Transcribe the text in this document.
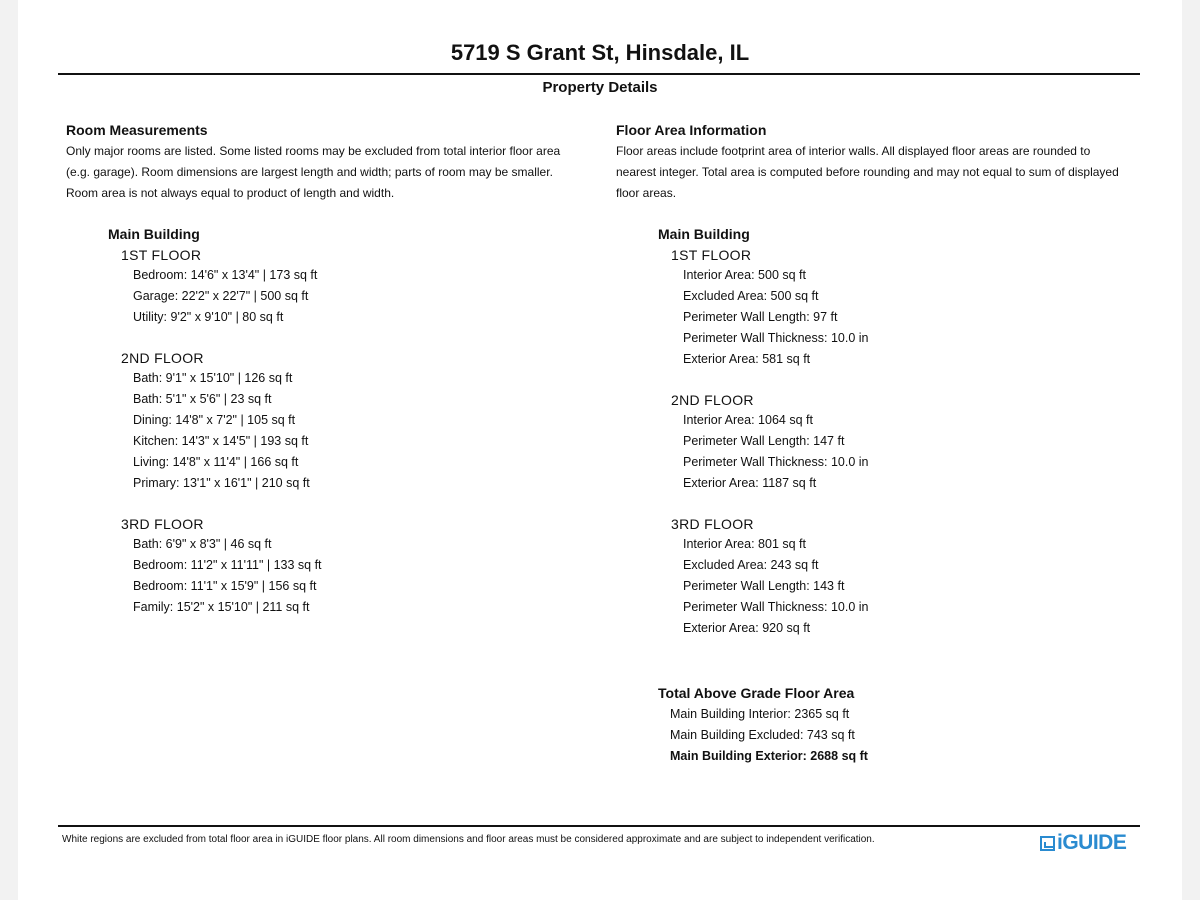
5719 S Grant St, Hinsdale, IL
Property Details
Room Measurements
Only major rooms are listed. Some listed rooms may be excluded from total interior floor area
(e.g. garage). Room dimensions are largest length and width; parts of room may be smaller.
Room area is not always equal to product of length and width.
Main Building
1ST FLOOR
Bedroom: 14'6" x 13'4" | 173 sq ft
Garage: 22'2" x 22'7" | 500 sq ft
Utility: 9'2" x 9'10" | 80 sq ft
2ND FLOOR
Bath: 9'1" x 15'10" | 126 sq ft
Bath: 5'1" x 5'6" | 23 sq ft
Dining: 14'8" x 7'2" | 105 sq ft
Kitchen: 14'3" x 14'5" | 193 sq ft
Living: 14'8" x 11'4" | 166 sq ft
Primary: 13'1" x 16'1" | 210 sq ft
3RD FLOOR
Bath: 6'9" x 8'3" | 46 sq ft
Bedroom: 11'2" x 11'11" | 133 sq ft
Bedroom: 11'1" x 15'9" | 156 sq ft
Family: 15'2" x 15'10" | 211 sq ft
Floor Area Information
Floor areas include footprint area of interior walls. All displayed floor areas are rounded to
nearest integer. Total area is computed before rounding and may not equal to sum of displayed
floor areas.
Main Building
1ST FLOOR
Interior Area: 500 sq ft
Excluded Area: 500 sq ft
Perimeter Wall Length: 97 ft
Perimeter Wall Thickness: 10.0 in
Exterior Area: 581 sq ft
2ND FLOOR
Interior Area: 1064 sq ft
Perimeter Wall Length: 147 ft
Perimeter Wall Thickness: 10.0 in
Exterior Area: 1187 sq ft
3RD FLOOR
Interior Area: 801 sq ft
Excluded Area: 243 sq ft
Perimeter Wall Length: 143 ft
Perimeter Wall Thickness: 10.0 in
Exterior Area: 920 sq ft
Total Above Grade Floor Area
Main Building Interior: 2365 sq ft
Main Building Excluded: 743 sq ft
Main Building Exterior: 2688 sq ft
White regions are excluded from total floor area in iGUIDE floor plans. All room dimensions and floor areas must be considered approximate and are subject to independent verification.	iGUIDE
